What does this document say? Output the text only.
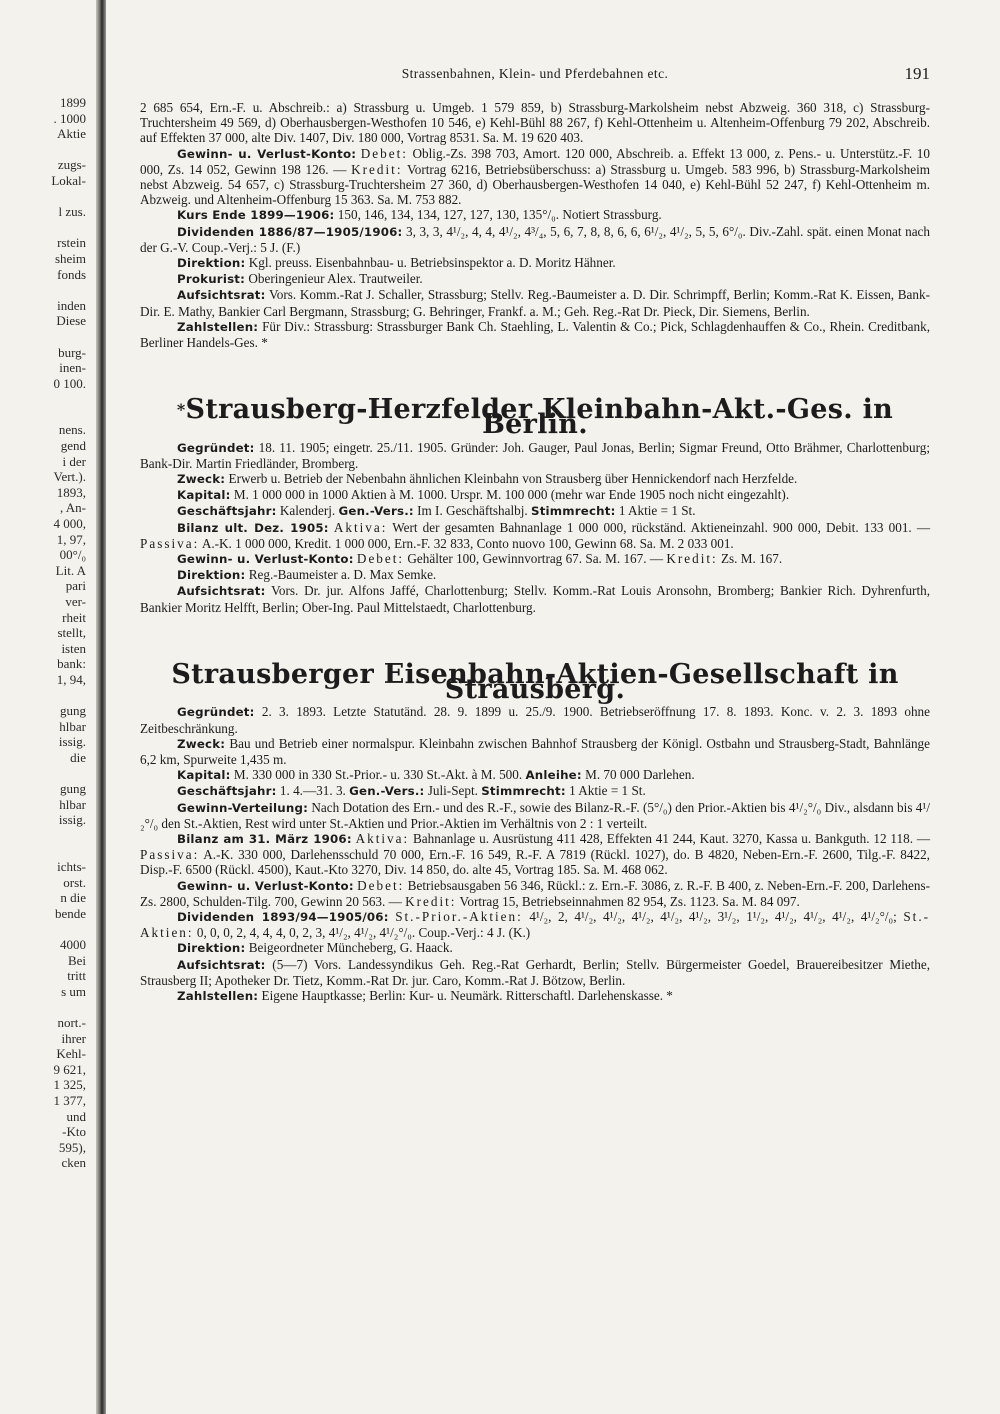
1899
. 1000
Aktie

zugs-
Lokal-

l zus.

rstein
sheim
fonds

inden
Diese

burg-
inen-
0 100.

nens.
gend
i der
Vert.).
1893,
, An-
4 000,
1, 97,
00°/₀
Lit. A
pari
ver-
rheit
stellt,
isten
bank:
1, 94,

gung
hlbar
issig.
die

gung
hlbar
issig.

ichts-
orst.
n die
bende

4000
Bei
tritt
s um

nort.-
ihrer
Kehl-
9 621,
1 325,
1 377,
und
-Kto
595),
cken
Strassenbahnen, Klein- und Pferdebahnen etc.	191

2 685 654, Ern.-F. u. Abschreib.: a) Strassburg u. Umgeb. 1 579 859, b) Strassburg-Markolsheim nebst Abzweig. 360 318, c) Strassburg-Truchtersheim 49 569, d) Oberhausbergen-Westhofen 10 546, e) Kehl-Bühl 88 267, f) Kehl-Ottenheim u. Altenheim-Offenburg 79 202, Abschreib. auf Effekten 37 000, alte Div. 1407, Div. 180 000, Vortrag 8531. Sa. M. 19 620 403.

Gewinn- u. Verlust-Konto: Debet: Oblig.-Zs. 398 703, Amort. 120 000, Abschreib. a. Effekt 13 000, z. Pens.- u. Unterstütz.-F. 10 000, Zs. 14 052, Gewinn 198 126. — Kredit: Vortrag 6216, Betriebsüberschuss: a) Strassburg u. Umgeb. 583 996, b) Strassburg-Markolsheim nebst Abzweig. 54 657, c) Strassburg-Truchtersheim 27 360, d) Oberhausbergen-Westhofen 14 040, e) Kehl-Bühl 52 247, f) Kehl-Ottenheim m. Abzweig. und Altenheim-Offenburg 15 363. Sa. M. 753 882.

Kurs Ende 1899—1906: 150, 146, 134, 134, 127, 127, 130, 135°/₀. Notiert Strassburg.

Dividenden 1886/87—1905/1906: 3, 3, 3, 4¹/₂, 4, 4, 4¹/₂, 4³/₄, 5, 6, 7, 8, 8, 6, 6, 6¹/₂, 4¹/₂, 5, 5, 6°/₀. Div.-Zahl. spät. einen Monat nach der G.-V. Coup.-Verj.: 5 J. (F.)

Direktion: Kgl. preuss. Eisenbahnbau- u. Betriebsinspektor a. D. Moritz Hähner.

Prokurist: Oberingenieur Alex. Trautweiler.

Aufsichtsrat: Vors. Komm.-Rat J. Schaller, Strassburg; Stellv. Reg.-Baumeister a. D. Dir. Schrimpff, Berlin; Komm.-Rat K. Eissen, Bank-Dir. E. Mathy, Bankier Carl Bergmann, Strassburg; G. Behringer, Frankf. a. M.; Geh. Reg.-Rat Dr. Pieck, Dir. Siemens, Berlin.

Zahlstellen: Für Div.: Strassburg: Strassburger Bank Ch. Staehling, L. Valentin & Co.; Pick, Schlagdenhauffen & Co., Rhein. Creditbank, Berliner Handels-Ges. *

*Strausberg-Herzfelder Kleinbahn-Akt.-Ges. in Berlin.

Gegründet: 18. 11. 1905; eingetr. 25./11. 1905. Gründer: Joh. Gauger, Paul Jonas, Berlin; Sigmar Freund, Otto Brähmer, Charlottenburg; Bank-Dir. Martin Friedländer, Bromberg.

Zweck: Erwerb u. Betrieb der Nebenbahn ähnlichen Kleinbahn von Strausberg über Hennickendorf nach Herzfelde.

Kapital: M. 1 000 000 in 1000 Aktien à M. 1000. Urspr. M. 100 000 (mehr war Ende 1905 noch nicht eingezahlt).

Geschäftsjahr: Kalenderj. Gen.-Vers.: Im I. Geschäftshalbj. Stimmrecht: 1 Aktie = 1 St.

Bilanz ult. Dez. 1905: Aktiva: Wert der gesamten Bahnanlage 1 000 000, rückständ. Aktieneinzahl. 900 000, Debit. 133 001. — Passiva: A.-K. 1 000 000, Kredit. 1 000 000, Ern.-F. 32 833, Conto nuovo 100, Gewinn 68. Sa. M. 2 033 001.

Gewinn- u. Verlust-Konto: Debet: Gehälter 100, Gewinnvortrag 67. Sa. M. 167. — Kredit: Zs. M. 167.

Direktion: Reg.-Baumeister a. D. Max Semke.

Aufsichtsrat: Vors. Dr. jur. Alfons Jaffé, Charlottenburg; Stellv. Komm.-Rat Louis Aronsohn, Bromberg; Bankier Rich. Dyhrenfurth, Bankier Moritz Helfft, Berlin; Ober-Ing. Paul Mittelstaedt, Charlottenburg.

Strausberger Eisenbahn-Aktien-Gesellschaft in Strausberg.

Gegründet: 2. 3. 1893. Letzte Statutänd. 28. 9. 1899 u. 25./9. 1900. Betriebseröffnung 17. 8. 1893. Konc. v. 2. 3. 1893 ohne Zeitbeschränkung.

Zweck: Bau und Betrieb einer normalspur. Kleinbahn zwischen Bahnhof Strausberg der Königl. Ostbahn und Strausberg-Stadt, Bahnlänge 6,2 km, Spurweite 1,435 m.

Kapital: M. 330 000 in 330 St.-Prior.- u. 330 St.-Akt. à M. 500. Anleihe: M. 70 000 Darlehen.

Geschäftsjahr: 1. 4.—31. 3. Gen.-Vers.: Juli-Sept. Stimmrecht: 1 Aktie = 1 St.

Gewinn-Verteilung: Nach Dotation des Ern.- und des R.-F., sowie des Bilanz-R.-F. (5°/₀) den Prior.-Aktien bis 4¹/₂°/₀ Div., alsdann bis 4¹/₂°/₀ den St.-Aktien, Rest wird unter St.-Aktien und Prior.-Aktien im Verhältnis von 2 : 1 verteilt.

Bilanz am 31. März 1906: Aktiva: Bahnanlage u. Ausrüstung 411 428, Effekten 41 244, Kaut. 3270, Kassa u. Bankguth. 12 118. — Passiva: A.-K. 330 000, Darlehensschuld 70 000, Ern.-F. 16 549, R.-F. A 7819 (Rückl. 1027), do. B 4820, Neben-Ern.-F. 2600, Tilg.-F. 8422, Disp.-F. 6500 (Rückl. 4500), Kaut.-Kto 3270, Div. 14 850, do. alte 45, Vortrag 185. Sa. M. 468 062.

Gewinn- u. Verlust-Konto: Debet: Betriebsausgaben 56 346, Rückl.: z. Ern.-F. 3086, z. R.-F. B 400, z. Neben-Ern.-F. 200, Darlehens-Zs. 2800, Schulden-Tilg. 700, Gewinn 20 563. — Kredit: Vortrag 15, Betriebseinnahmen 82 954, Zs. 1123. Sa. M. 84 097.

Dividenden 1893/94—1905/06: St.-Prior.-Aktien: 4¹/₂, 2, 4¹/₂, 4¹/₂, 4¹/₂, 4¹/₂, 4¹/₂, 3¹/₂, 1¹/₂, 4¹/₂, 4¹/₂, 4¹/₂, 4¹/₂°/₀; St.-Aktien: 0, 0, 0, 2, 4, 4, 4, 0, 2, 3, 4¹/₂, 4¹/₂, 4¹/₂°/₀. Coup.-Verj.: 4 J. (K.)

Direktion: Beigeordneter Müncheberg, G. Haack.

Aufsichtsrat: (5—7) Vors. Landessyndikus Geh. Reg.-Rat Gerhardt, Berlin; Stellv. Bürgermeister Goedel, Brauereibesitzer Miethe, Strausberg II; Apotheker Dr. Tietz, Komm.-Rat Dr. jur. Caro, Komm.-Rat J. Bötzow, Berlin.

Zahlstellen: Eigene Hauptkasse; Berlin: Kur- u. Neumärk. Ritterschaftl. Darlehenskasse. *
